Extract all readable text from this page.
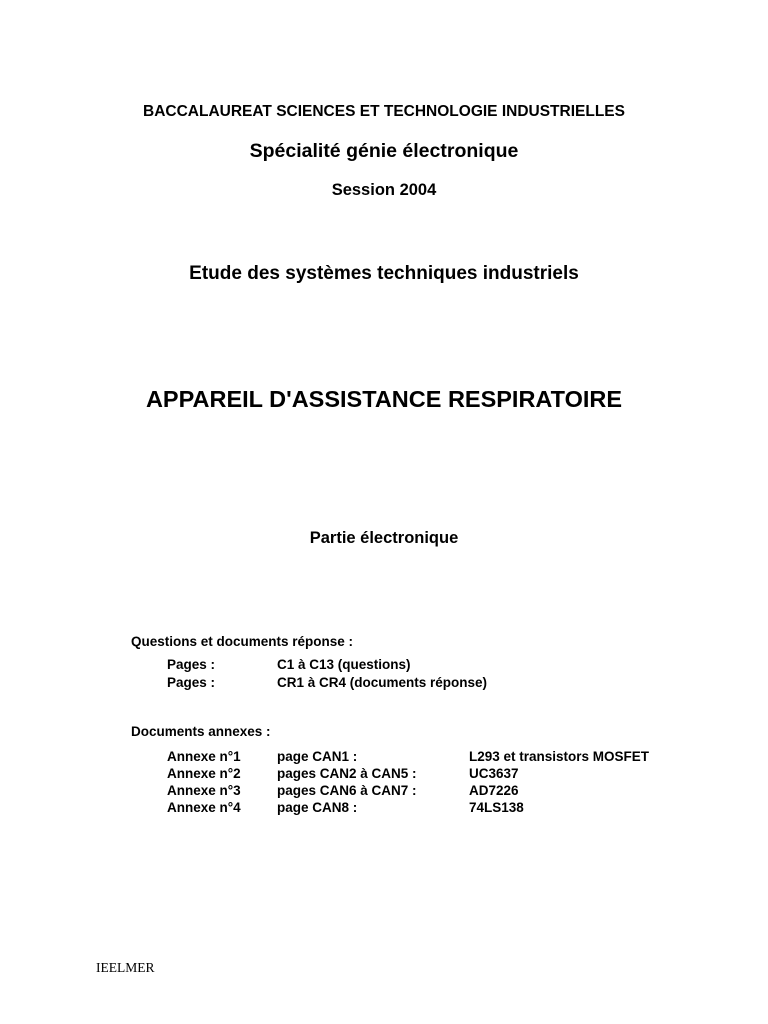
BACCALAUREAT SCIENCES ET TECHNOLOGIE INDUSTRIELLES
Spécialité génie électronique
Session 2004
Etude des systèmes techniques industriels
APPAREIL D'ASSISTANCE RESPIRATOIRE
Partie électronique
Questions et documents réponse :
Pages :	C1 à C13 (questions)
Pages :	CR1 à CR4 (documents réponse)
Documents annexes :
Annexe n°1	page CAN1 :	L293 et transistors MOSFET
Annexe n°2	pages CAN2 à CAN5 :	UC3637
Annexe n°3	pages CAN6 à CAN7 :	AD7226
Annexe n°4	page CAN8 :	74LS138
IEELMER
